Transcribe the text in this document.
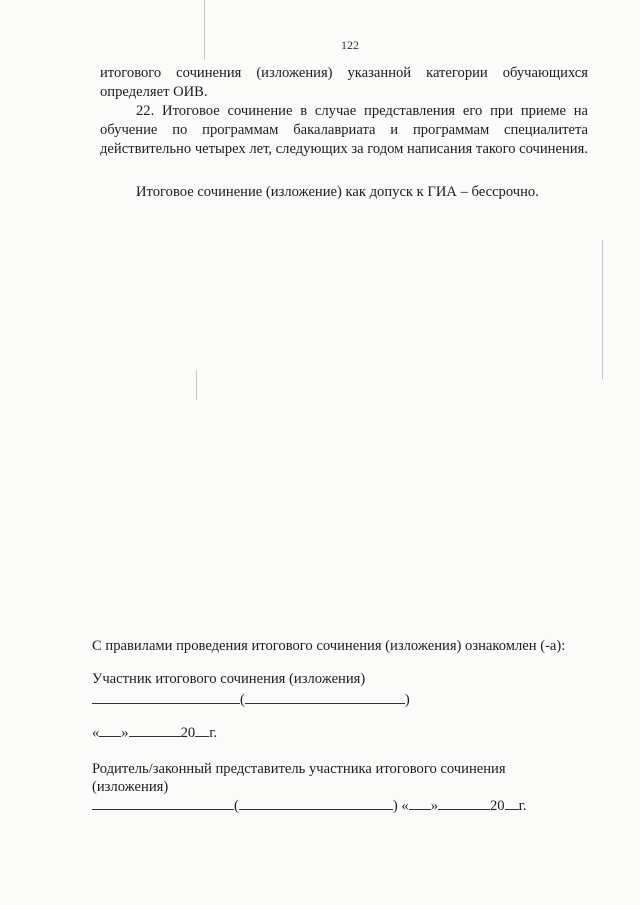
122
итогового сочинения (изложения) указанной категории обучающихся определяет ОИВ.
22. Итоговое сочинение в случае представления его при приеме на обучение по программам бакалавриата и программам специалитета действительно четырех лет, следующих за годом написания такого сочинения.
Итоговое сочинение (изложение) как допуск к ГИА – бессрочно.
С правилами проведения итогового сочинения (изложения) ознакомлен (-а):
Участник итогового сочинения (изложения)
(	)
« »	20 г.
Родитель/законный представитель участника итогового сочинения (изложения)
(	) « »	20 г.
